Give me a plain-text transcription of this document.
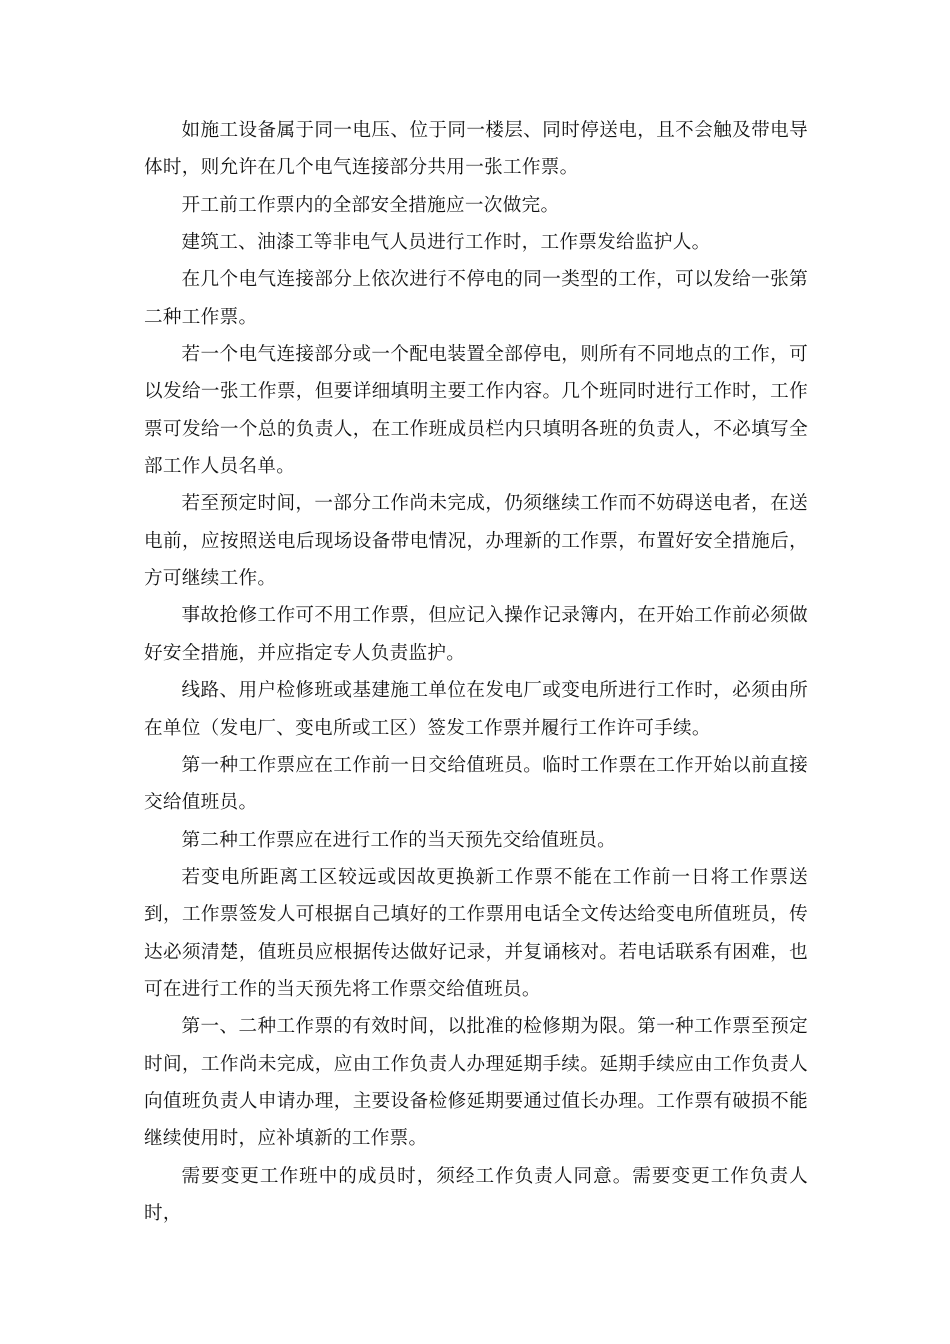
如施工设备属于同一电压、位于同一楼层、同时停送电，且不会触及带电导体时，则允许在几个电气连接部分共用一张工作票。

开工前工作票内的全部安全措施应一次做完。

建筑工、油漆工等非电气人员进行工作时，工作票发给监护人。

在几个电气连接部分上依次进行不停电的同一类型的工作，可以发给一张第二种工作票。

若一个电气连接部分或一个配电装置全部停电，则所有不同地点的工作，可以发给一张工作票，但要详细填明主要工作内容。几个班同时进行工作时，工作票可发给一个总的负责人，在工作班成员栏内只填明各班的负责人，不必填写全部工作人员名单。

若至预定时间，一部分工作尚未完成，仍须继续工作而不妨碍送电者，在送电前，应按照送电后现场设备带电情况，办理新的工作票，布置好安全措施后，方可继续工作。

事故抢修工作可不用工作票，但应记入操作记录簿内，在开始工作前必须做好安全措施，并应指定专人负责监护。

线路、用户检修班或基建施工单位在发电厂或变电所进行工作时，必须由所在单位（发电厂、变电所或工区）签发工作票并履行工作许可手续。

第一种工作票应在工作前一日交给值班员。临时工作票在工作开始以前直接交给值班员。

第二种工作票应在进行工作的当天预先交给值班员。

若变电所距离工区较远或因故更换新工作票不能在工作前一日将工作票送到，工作票签发人可根据自己填好的工作票用电话全文传达给变电所值班员，传达必须清楚，值班员应根据传达做好记录，并复诵核对。若电话联系有困难，也可在进行工作的当天预先将工作票交给值班员。

第一、二种工作票的有效时间，以批准的检修期为限。第一种工作票至预定时间，工作尚未完成，应由工作负责人办理延期手续。延期手续应由工作负责人向值班负责人申请办理，主要设备检修延期要通过值长办理。工作票有破损不能继续使用时，应补填新的工作票。

需要变更工作班中的成员时，须经工作负责人同意。需要变更工作负责人时，
